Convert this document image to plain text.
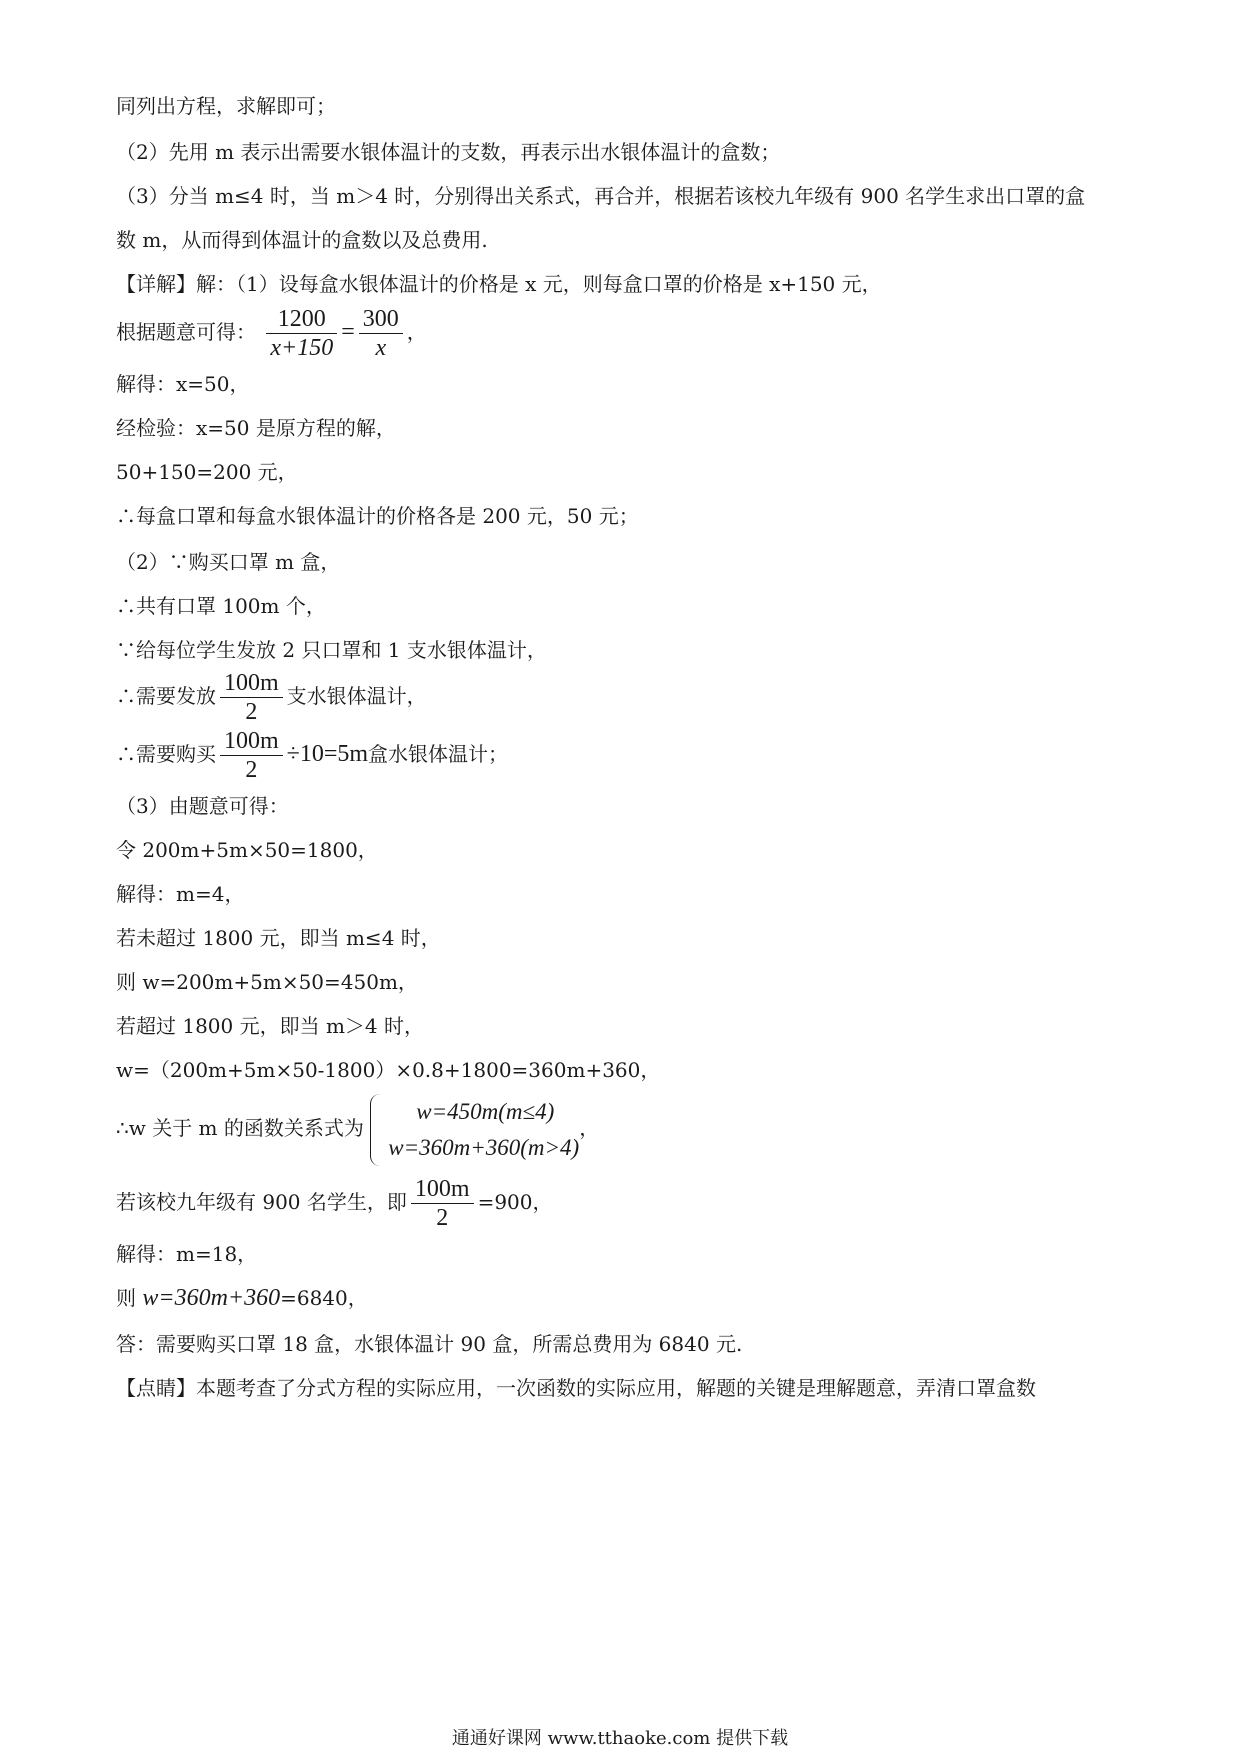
同列出方程，求解即可；
（2）先用 m 表示出需要水银体温计的支数，再表示出水银体温计的盒数；
（3）分当 m≤4 时，当 m＞4 时，分别得出关系式，再合并，根据若该校九年级有 900 名学生求出口罩的盒
数 m，从而得到体温计的盒数以及总费用.
【详解】解：（1）设每盒水银体温计的价格是 x 元，则每盒口罩的价格是 x+150 元，
根据题意可得： $\frac{1200}{x+150} = \frac{300}{x}$ ，
解得：x=50，
经检验：x=50 是原方程的解，
50+150=200 元，
∴每盒口罩和每盒水银体温计的价格各是 200 元，50 元；
（2）∵购买口罩 m 盒，
∴共有口罩 100m 个，
∵给每位学生发放 2 只口罩和 1 支水银体温计，
∴需要发放 $\frac{100m}{2}$ 支水银体温计，
∴需要购买 $\frac{100m}{2} \div 10=5m$盒水银体温计；
（3）由题意可得：
令 200m+5m×50=1800，
解得：m=4，
若未超过 1800 元，即当 m≤4 时，
则 w=200m+5m×50=450m，
若超过 1800 元，即当 m＞4 时，
w=（200m+5m×50-1800）×0.8+1800=360m+360，
∴w 关于 m 的函数关系式为
w=450m(m≤4)
w=360m+360(m>4)
，
若该校九年级有 900 名学生，即 $\frac{100m}{2} =900$，
解得：m=18，
则 w=360m+360=6840，
答：需要购买口罩 18 盒，水银体温计 90 盒，所需总费用为 6840 元.
【点睛】本题考查了分式方程的实际应用，一次函数的实际应用，解题的关键是理解题意，弄清口罩盒数
通通好课网 www.tthaoke.com 提供下载
